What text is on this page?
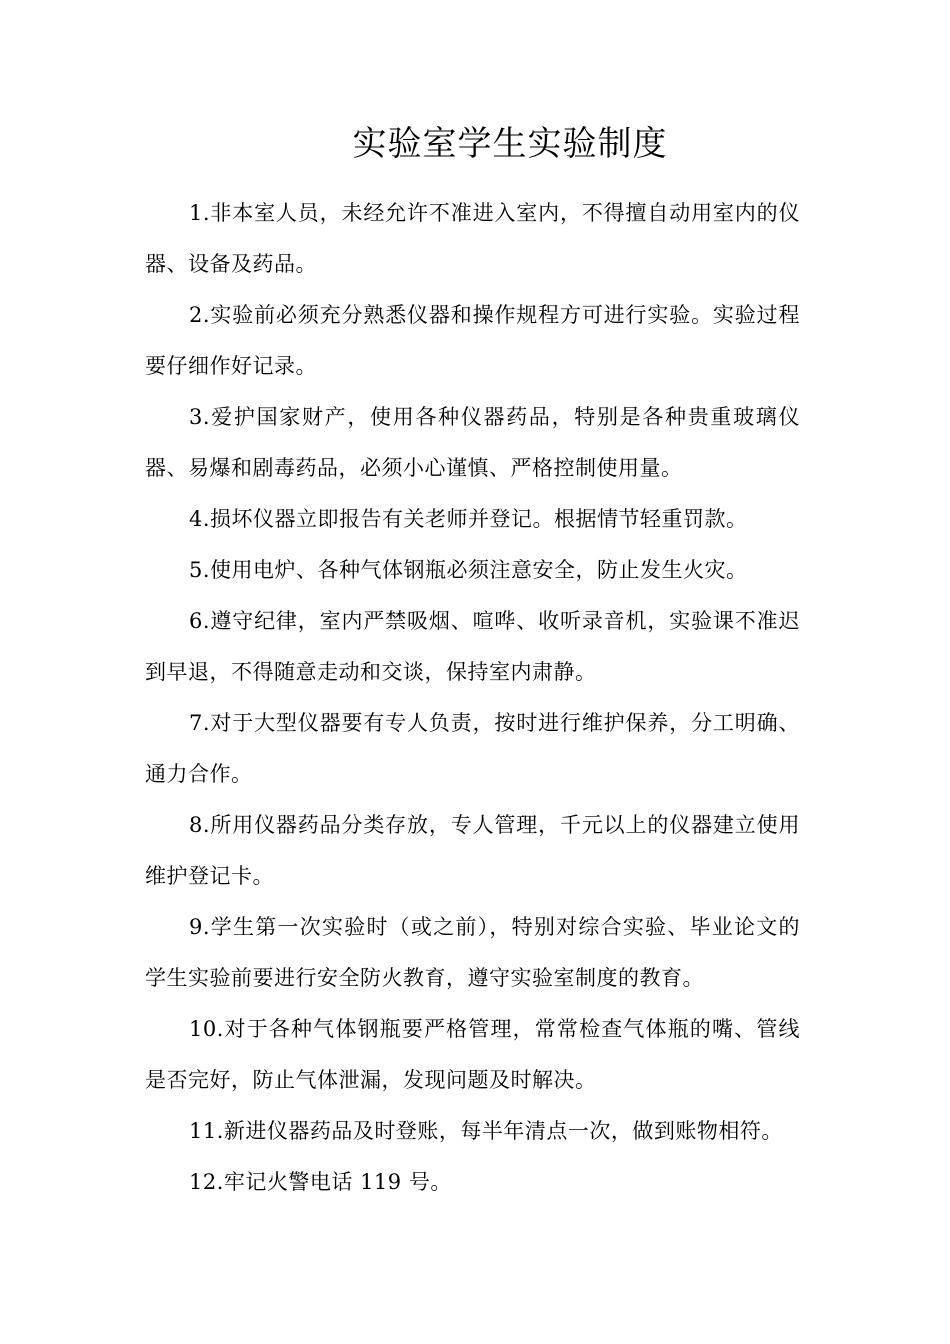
实验室学生实验制度

1.非本室人员，未经允许不准进入室内，不得擅自动用室内的仪器、设备及药品。

2.实验前必须充分熟悉仪器和操作规程方可进行实验。实验过程要仔细作好记录。

3.爱护国家财产，使用各种仪器药品，特别是各种贵重玻璃仪器、易爆和剧毒药品，必须小心谨慎、严格控制使用量。

4.损坏仪器立即报告有关老师并登记。根据情节轻重罚款。

5.使用电炉、各种气体钢瓶必须注意安全，防止发生火灾。

6.遵守纪律，室内严禁吸烟、喧哗、收听录音机，实验课不准迟到早退，不得随意走动和交谈，保持室内肃静。

7.对于大型仪器要有专人负责，按时进行维护保养，分工明确、通力合作。

8.所用仪器药品分类存放，专人管理，千元以上的仪器建立使用维护登记卡。

9.学生第一次实验时（或之前），特别对综合实验、毕业论文的学生实验前要进行安全防火教育，遵守实验室制度的教育。

10.对于各种气体钢瓶要严格管理，常常检查气体瓶的嘴、管线是否完好，防止气体泄漏，发现问题及时解决。

11.新进仪器药品及时登账，每半年清点一次，做到账物相符。

12.牢记火警电话 119 号。
